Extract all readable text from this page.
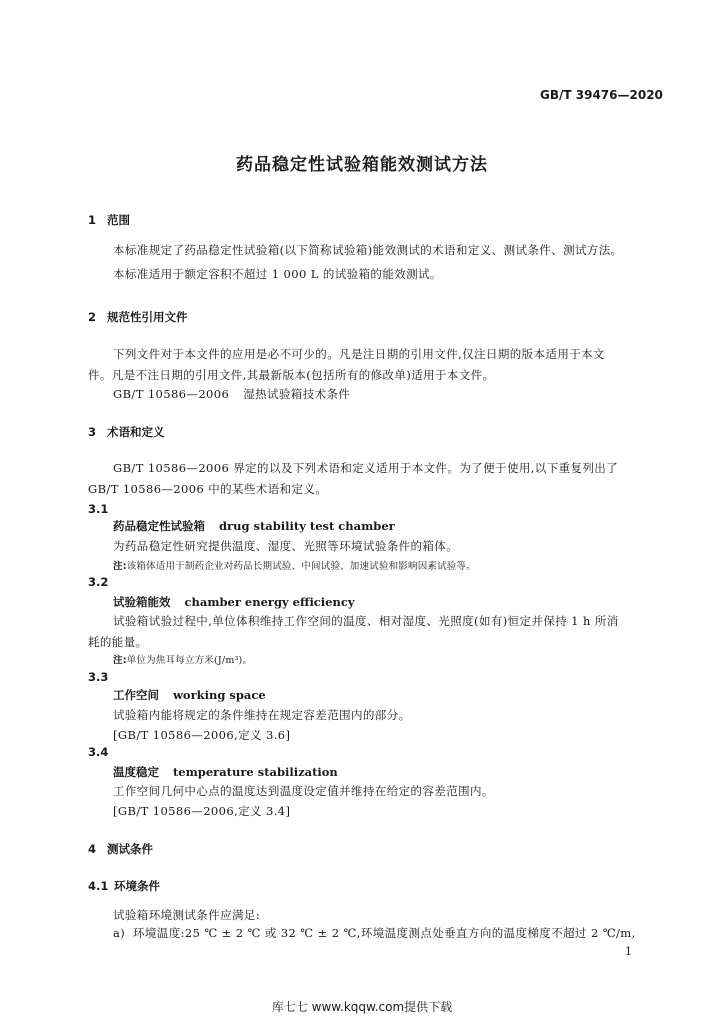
GB/T 39476—2020
药品稳定性试验箱能效测试方法
1 范围
本标准规定了药品稳定性试验箱(以下简称试验箱)能效测试的术语和定义、测试条件、测试方法。
本标准适用于额定容积不超过 1 000 L 的试验箱的能效测试。
2 规范性引用文件
下列文件对于本文件的应用是必不可少的。凡是注日期的引用文件,仅注日期的版本适用于本文
件。凡是不注日期的引用文件,其最新版本(包括所有的修改单)适用于本文件。
GB/T 10586—2006 湿热试验箱技术条件
3 术语和定义
GB/T 10586—2006 界定的以及下列术语和定义适用于本文件。为了便于使用,以下重复列出了
GB/T 10586—2006 中的某些术语和定义。
3.1
药品稳定性试验箱 drug stability test chamber
为药品稳定性研究提供温度、湿度、光照等环境试验条件的箱体。
注:该箱体适用于制药企业对药品长期试验、中间试验、加速试验和影响因素试验等。
3.2
试验箱能效 chamber energy efficiency
试验箱试验过程中,单位体积维持工作空间的温度、相对湿度、光照度(如有)恒定并保持 1 h 所消
耗的能量。
注:单位为焦耳每立方米(J/m³)。
3.3
工作空间 working space
试验箱内能将规定的条件维持在规定容差范围内的部分。
[GB/T 10586—2006,定义 3.6]
3.4
温度稳定 temperature stabilization
工作空间几何中心点的温度达到温度设定值并维持在给定的容差范围内。
[GB/T 10586—2006,定义 3.4]
4 测试条件
4.1 环境条件
试验箱环境测试条件应满足:
a) 环境温度:25 ℃ ± 2 ℃ 或 32 ℃ ± 2 ℃,环境温度测点处垂直方向的温度梯度不超过 2 ℃/m,
1
库七七 www.kqqw.com提供下载
